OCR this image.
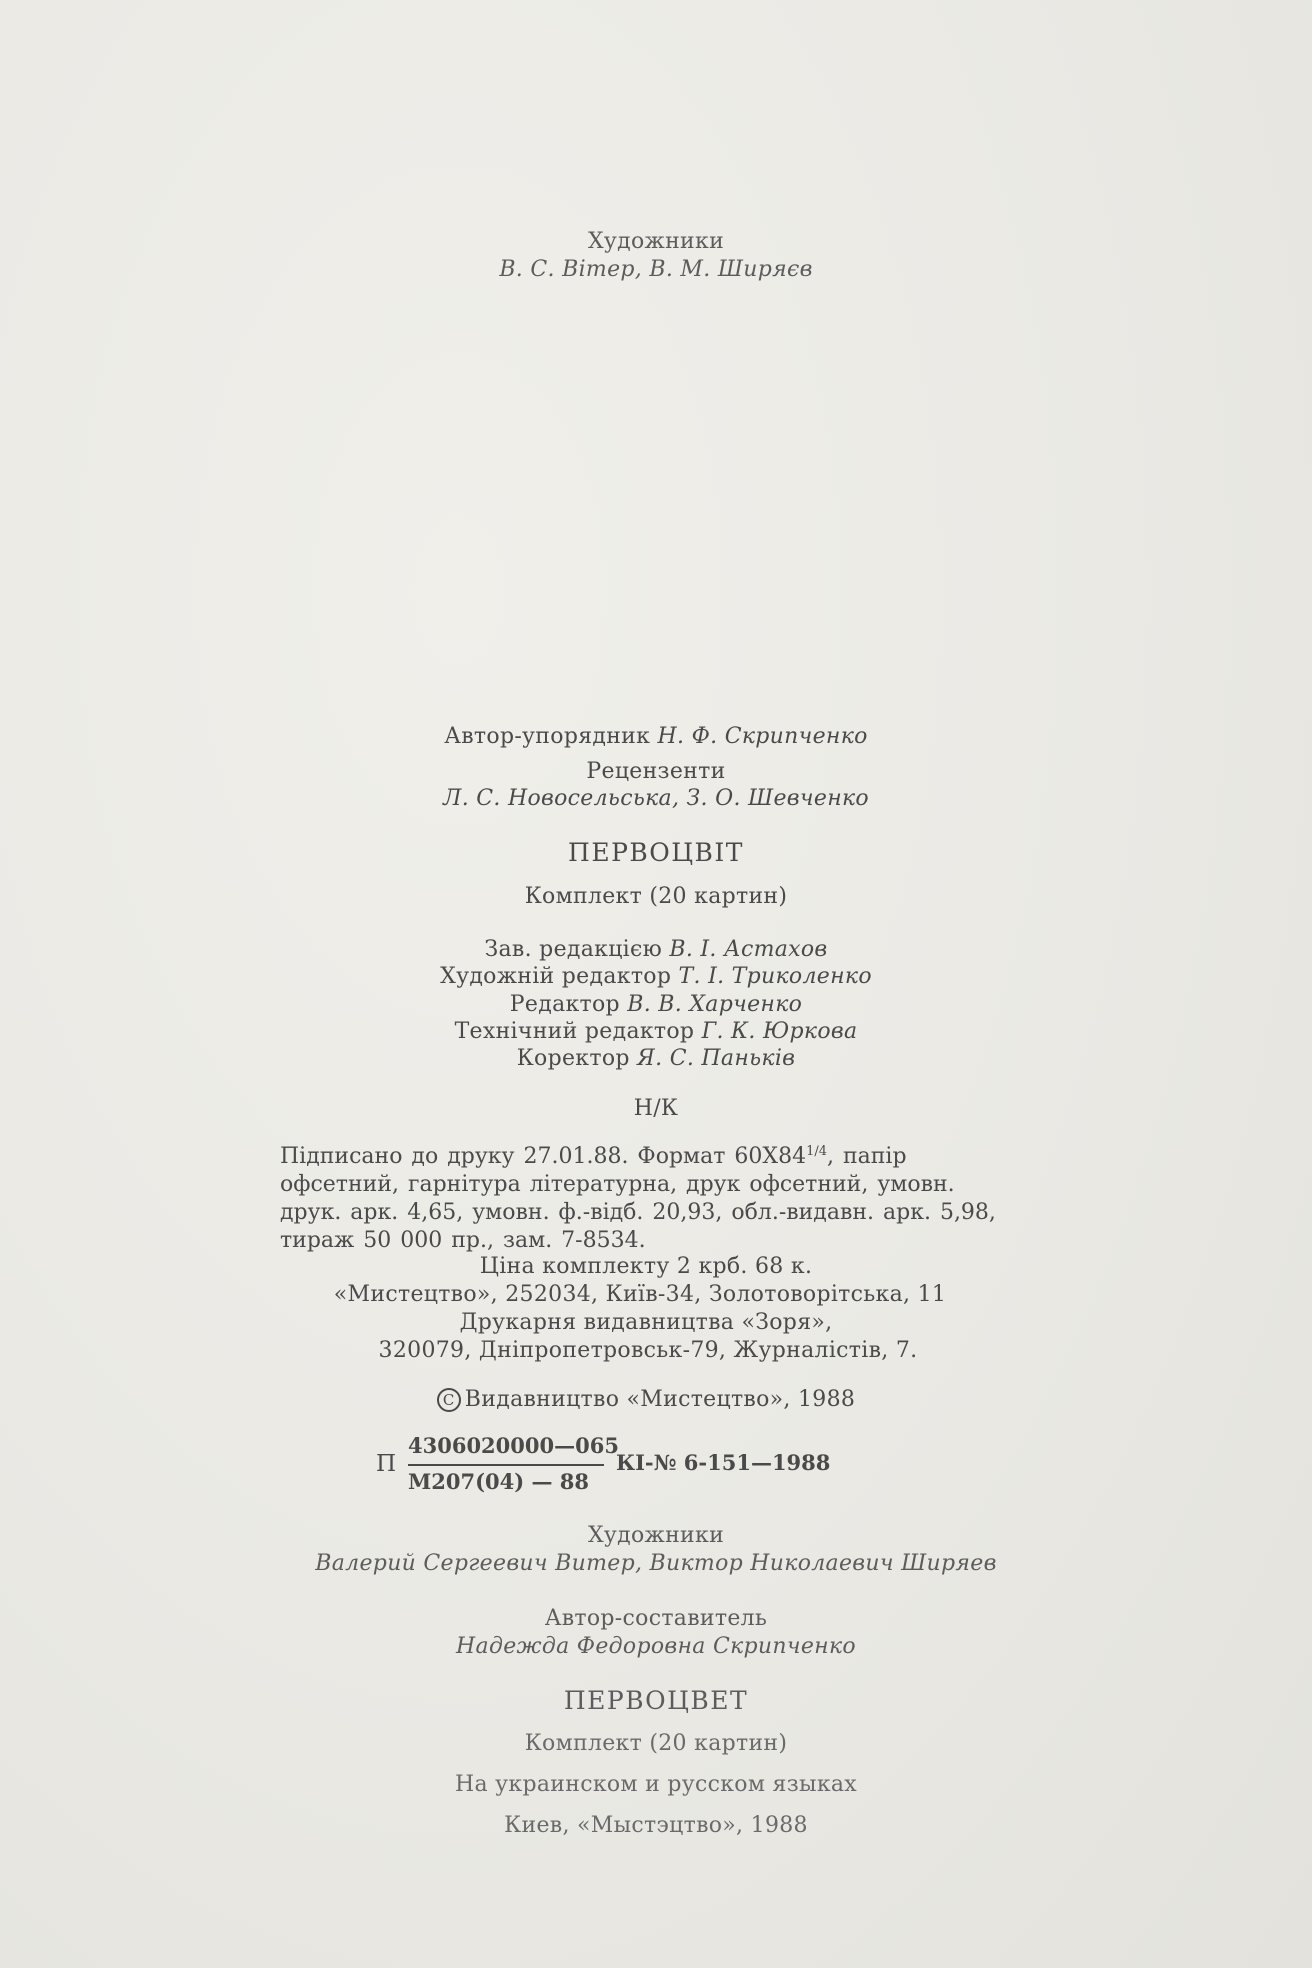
Художники
В. С. Вітер, В. М. Ширяєв
Автор-упорядник Н. Ф. Скрипченко
Рецензенти
Л. С. Новосельська, З. О. Шевченко
ПЕРВОЦВІТ
Комплект (20 картин)
Зав. редакцією В. І. Астахов
Художній редактор Т. І. Триколенко
Редактор В. В. Харченко
Технічний редактор Г. К. Юркова
Коректор Я. С. Паньків
Н/К
Підписано до друку 27.01.88. Формат $60Х84^{1/4}$, папір
офсетний, гарнітура літературна, друк офсетний, умовн.
друк. арк. 4,65, умовн. ф.-відб. 20,93, обл.-видавн. арк. 5,98,
тираж 50 000 пр., зам. 7-8534.
Ціна комплекту 2 крб. 68 к.
«Мистецтво», 252034, Київ-34, Золотоворітська, 11
Друкарня видавництва «Зоря»,
320079, Дніпропетровськ-79, Журналістів, 7.
C Видавництво «Мистецтво», 1988
П
4306020000—065
М207(04) — 88
КІ-№ 6-151—1988
Художники
Валерий Сергеевич Витер, Виктор Николаевич Ширяев
Автор-составитель
Надежда Федоровна Скрипченко
ПЕРВОЦВЕТ
Комплект (20 картин)
На украинском и русском языках
Киев, «Мыстэцтво», 1988
